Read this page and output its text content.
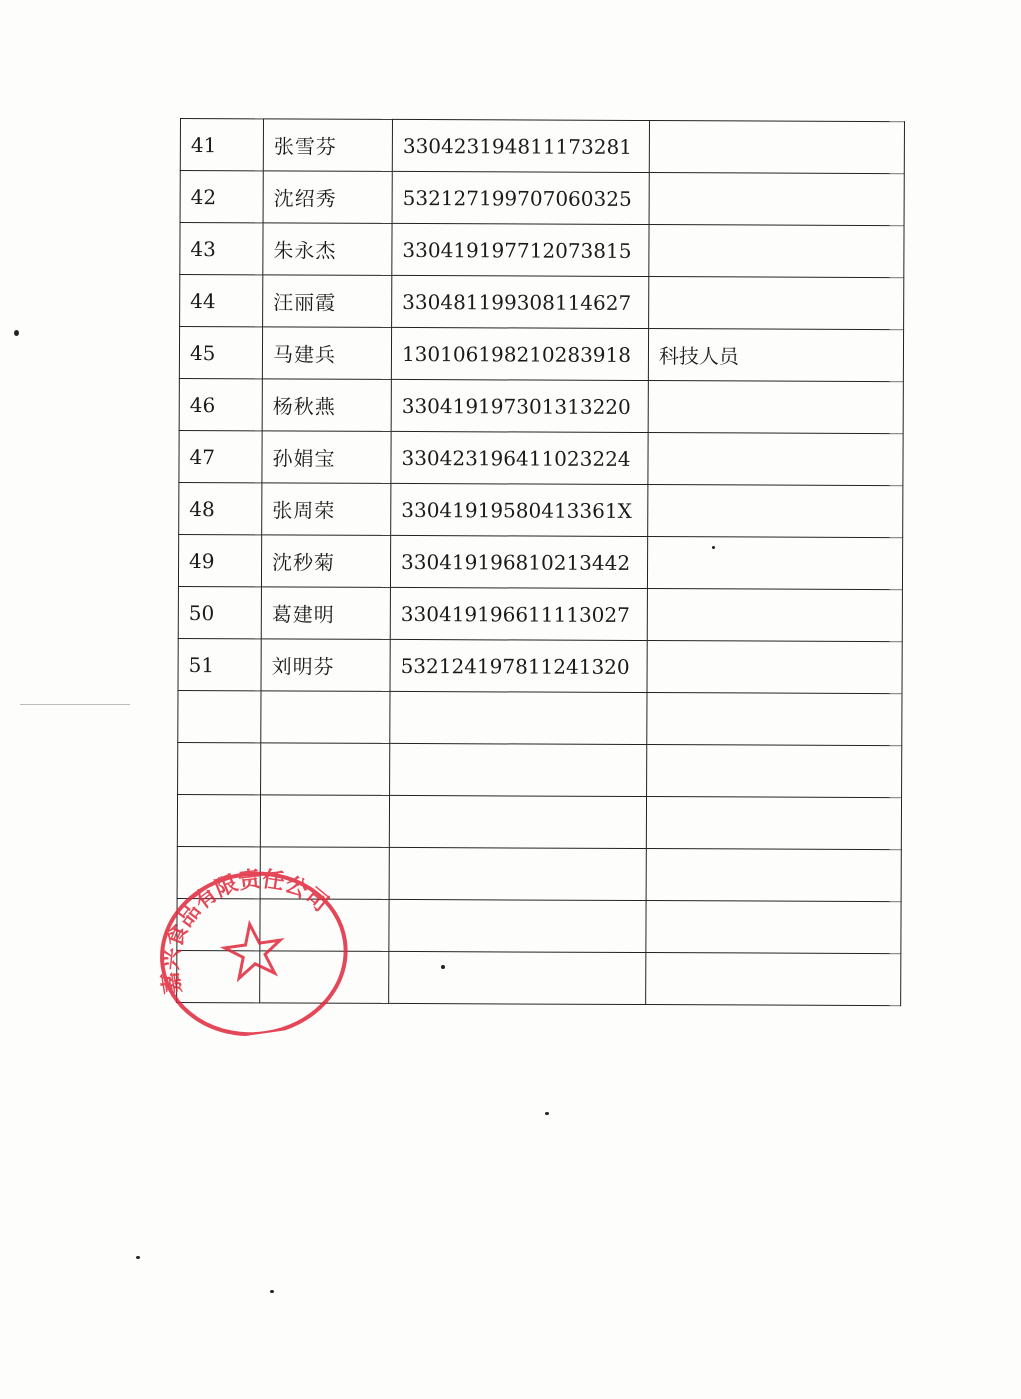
41	张雪芬	330423194811173281	
42	沈绍秀	532127199707060325	
43	朱永杰	330419197712073815	
44	汪丽霞	330481199308114627	
45	马建兵	130106198210283918	科技人员
46	杨秋燕	330419197301313220	
47	孙娟宝	330423196411023224	
48	张周荣	33041919580413361X	
49	沈秒菊	330419196810213442	
50	葛建明	330419196611113027	
51	刘明芬	532124197811241320	

嘉兴食品有限责任公司
